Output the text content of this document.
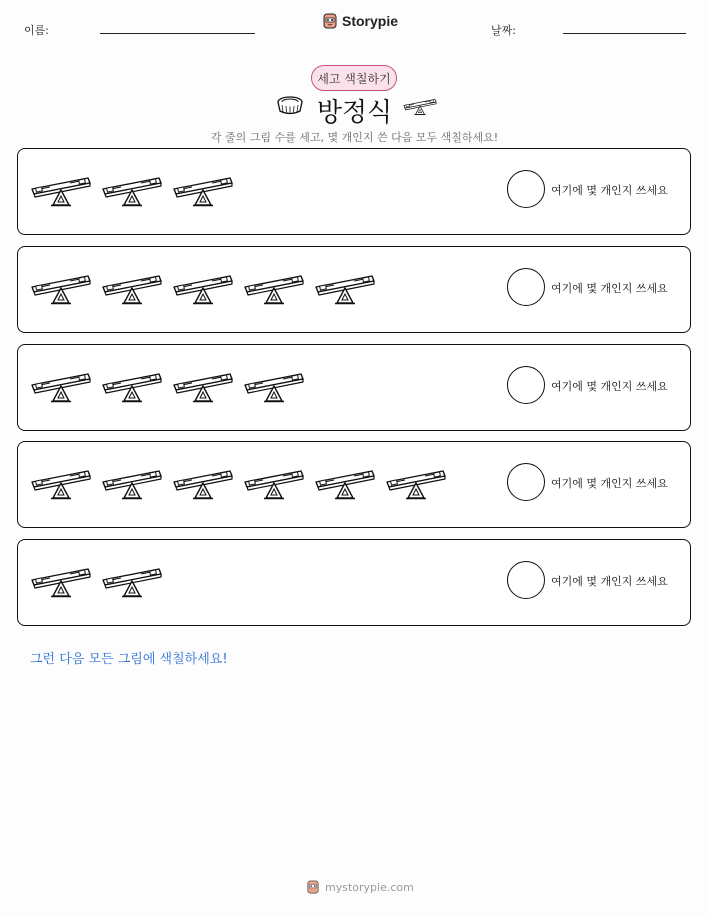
이름:
Storypie
날짜:
세고 색칠하기
방정식
각 줄의 그림 수를 세고, 몇 개인지 쓴 다음 모두 색칠하세요!
여기에 몇 개인지 쓰세요
여기에 몇 개인지 쓰세요
여기에 몇 개인지 쓰세요
여기에 몇 개인지 쓰세요
여기에 몇 개인지 쓰세요
그런 다음 모든 그림에 색칠하세요!
mystorypie.com
